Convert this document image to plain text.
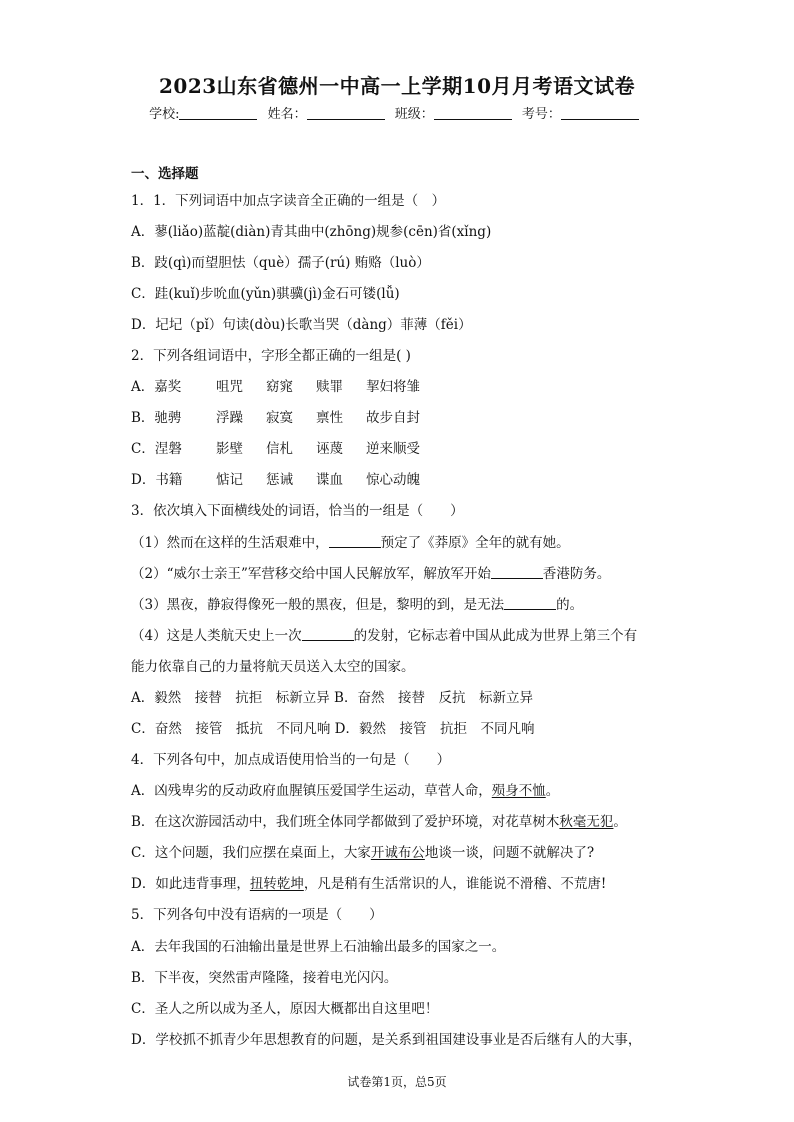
2023山东省德州一中高一上学期10月月考语文试卷
学校:	姓名：	班级：	考号：
一、选择题
1．1．下列词语中加点字读音全正确的一组是（　）
A．蓼(liǎo)蓝靛(diàn)青其曲中(zhōng)规参(cēn)省(xǐng)
B．跂(qì)而望胆怯（què）孺子(rú) 贿赂（luò）
C．跬(kuǐ)步吮血(yǔn)骐骥(jì)金石可镂(lǚ)
D．圮圮（pǐ）句读(dòu)长歌当哭（dàng）菲薄（fěi）
2．下列各组词语中，字形全都正确的一组是( )
A．嘉奖	咀咒 窈窕 赎罪 挈妇将雏
B．驰骋	浮躁 寂寞 禀性 故步自封
C．涅磐	影壁 信札 诬蔑 逆来顺受
D．书籍 惦记 惩诫 谍血 惊心动魄
3．依次填入下面横线处的词语，恰当的一组是（　　）
（1）然而在这样的生活艰难中，	预定了《莽原》全年的就有她。
（2）“威尔士亲王”军营移交给中国人民解放军，解放军开始	香港防务。
（3）黑夜，静寂得像死一般的黑夜，但是，黎明的到，是无法	的。
（4）这是人类航天史上一次	的发射，它标志着中国从此成为世界上第三个有
能力依靠自己的力量将航天员送入太空的国家。
A．毅然　接替　抗拒　标新立异 B．奋然　接替　反抗　标新立异
C．奋然　接管　抵抗　不同凡响 D．毅然　接管　抗拒　不同凡响
4．下列各句中，加点成语使用恰当的一句是（　　）
A．凶残卑劣的反动政府血腥镇压爱国学生运动，草菅人命，殒身不恤。
B．在这次游园活动中，我们班全体同学都做到了爱护环境，对花草树木秋毫无犯。
C．这个问题，我们应摆在桌面上，大家开诚布公地谈一谈，问题不就解决了?
D．如此违背事理，扭转乾坤，凡是稍有生活常识的人，谁能说不滑稽、不荒唐!
5．下列各句中没有语病的一项是（　　）
A．去年我国的石油输出量是世界上石油输出最多的国家之一。
B．下半夜，突然雷声隆隆，接着电光闪闪。
C．圣人之所以成为圣人，原因大概都出自这里吧！
D．学校抓不抓青少年思想教育的问题，是关系到祖国建设事业是否后继有人的大事，
试卷第1页，总5页
